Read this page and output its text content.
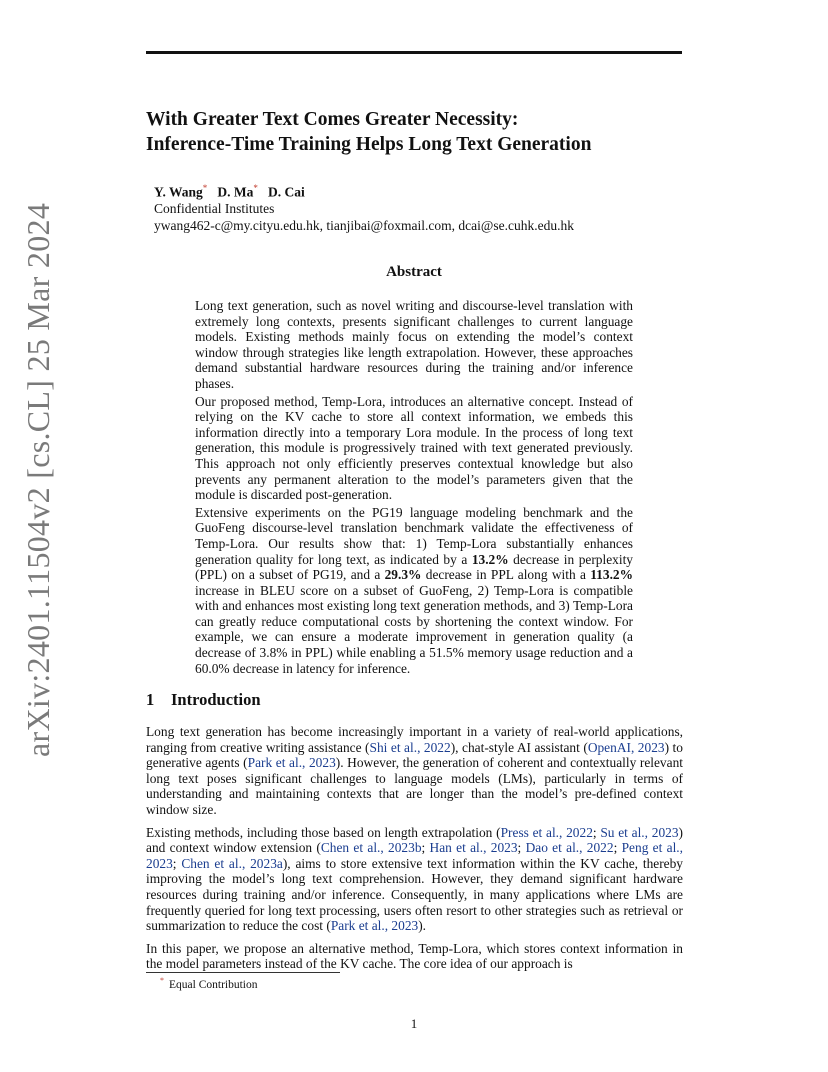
arXiv:2401.11504v2 [cs.CL] 25 Mar 2024
With Greater Text Comes Greater Necessity:
Inference-Time Training Helps Long Text Generation
Y. Wang* D. Ma* D. Cai
Confidential Institutes
ywang462-c@my.cityu.edu.hk, tianjibai@foxmail.com, dcai@se.cuhk.edu.hk
Abstract

Long text generation, such as novel writing and discourse-level translation with extremely long contexts, presents significant challenges to current language models. Existing methods mainly focus on extending the model’s context window through strategies like length extrapolation. However, these approaches demand substantial hardware resources during the training and/or inference phases.

Our proposed method, Temp-Lora, introduces an alternative concept. Instead of relying on the KV cache to store all context information, we embeds this information directly into a temporary Lora module. In the process of long text generation, this module is progressively trained with text generated previously. This approach not only efficiently preserves contextual knowledge but also prevents any permanent alteration to the model’s parameters given that the module is discarded post-generation.

Extensive experiments on the PG19 language modeling benchmark and the GuoFeng discourse-level translation benchmark validate the effectiveness of Temp-Lora. Our results show that: 1) Temp-Lora substantially enhances generation quality for long text, as indicated by a 13.2% decrease in perplexity (PPL) on a subset of PG19, and a 29.3% decrease in PPL along with a 113.2% increase in BLEU score on a subset of GuoFeng, 2) Temp-Lora is compatible with and enhances most existing long text generation methods, and 3) Temp-Lora can greatly reduce computational costs by shortening the context window. For example, we can ensure a moderate improvement in generation quality (a decrease of 3.8% in PPL) while enabling a 51.5% memory usage reduction and a 60.0% decrease in latency for inference.

1 Introduction

Long text generation has become increasingly important in a variety of real-world applications, ranging from creative writing assistance (Shi et al., 2022), chat-style AI assistant (OpenAI, 2023) to generative agents (Park et al., 2023). However, the generation of coherent and contextually relevant long text poses significant challenges to language models (LMs), particularly in terms of understanding and maintaining contexts that are longer than the model’s pre-defined context window size.

Existing methods, including those based on length extrapolation (Press et al., 2022; Su et al., 2023) and context window extension (Chen et al., 2023b; Han et al., 2023; Dao et al., 2022; Peng et al., 2023; Chen et al., 2023a), aims to store extensive text information within the KV cache, thereby improving the model’s long text comprehension. However, they demand significant hardware resources during training and/or inference. Consequently, in many applications where LMs are frequently queried for long text processing, users often resort to other strategies such as retrieval or summarization to reduce the cost (Park et al., 2023).

In this paper, we propose an alternative method, Temp-Lora, which stores context information in the model parameters instead of the KV cache. The core idea of our approach is

* Equal Contribution
1
